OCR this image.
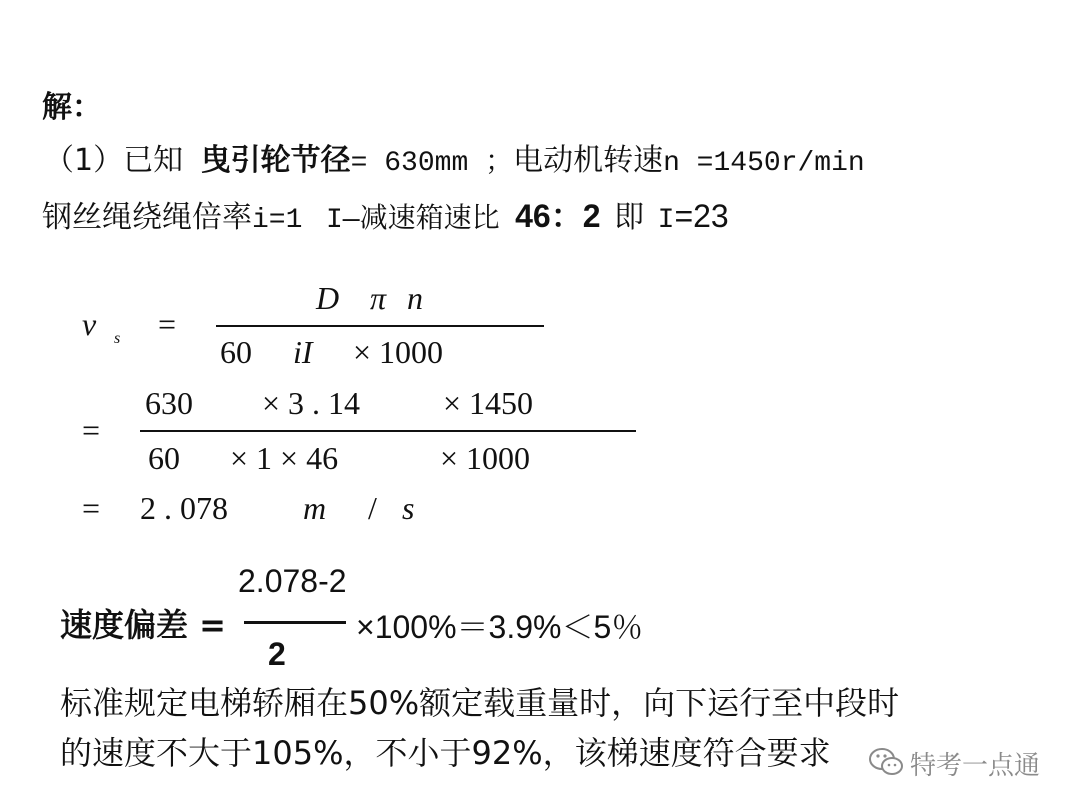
解：
（1）已知 曳引轮节径= 630mm ；电动机转速n =1450r/min
钢丝绳绕绳倍率i=1 I—减速箱速比 46：2 即 I=23
v s =
D π n
60 iI × 1000
=
630 × 3 . 14	× 1450
60 × 1 × 46	× 1000
= 2 . 078 m / s
2.078-2
速度偏差 =
2
×100%＝3.9%＜5％
标准规定电梯轿厢在50%额定载重量时，向下运行至中段时
的速度不大于105%，不小于92%，该梯速度符合要求	特考一点通
